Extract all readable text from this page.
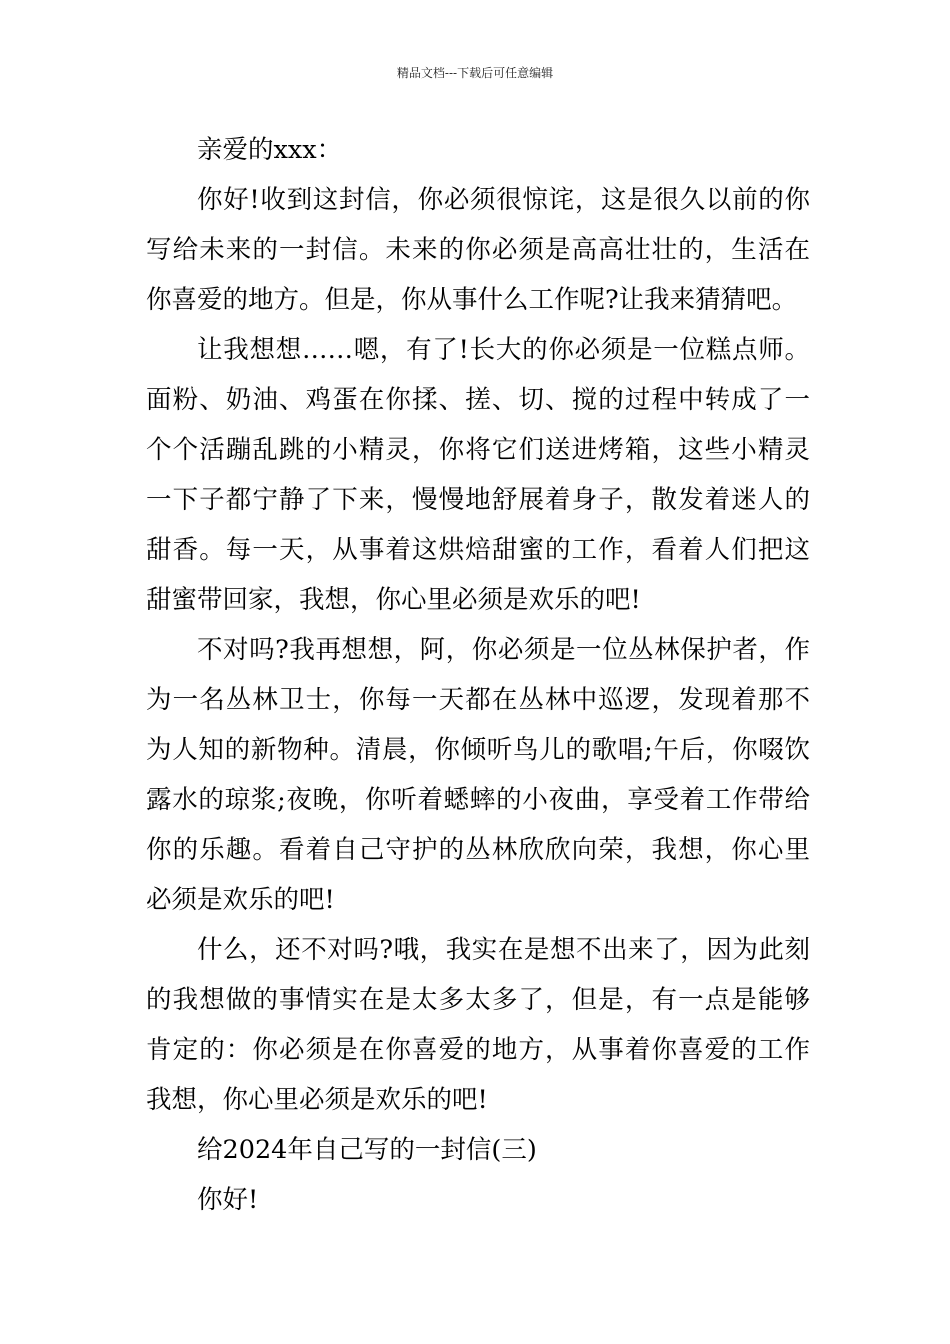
精品文档---下载后可任意编辑
亲爱的xxx：
你好!收到这封信，你必须很惊诧，这是很久以前的你
写给未来的一封信。未来的你必须是高高壮壮的，生活在
你喜爱的地方。但是，你从事什么工作呢?让我来猜猜吧。
让我想想……嗯，有了!长大的你必须是一位糕点师。
面粉、奶油、鸡蛋在你揉、搓、切、搅的过程中转成了一
个个活蹦乱跳的小精灵，你将它们送进烤箱，这些小精灵
一下子都宁静了下来，慢慢地舒展着身子，散发着迷人的
甜香。每一天，从事着这烘焙甜蜜的工作，看着人们把这
甜蜜带回家，我想，你心里必须是欢乐的吧!
不对吗?我再想想，阿，你必须是一位丛林保护者，作
为一名丛林卫士，你每一天都在丛林中巡逻，发现着那不
为人知的新物种。清晨，你倾听鸟儿的歌唱;午后，你啜饮
露水的琼浆;夜晚，你听着蟋蟀的小夜曲，享受着工作带给
你的乐趣。看着自己守护的丛林欣欣向荣，我想，你心里
必须是欢乐的吧!
什么，还不对吗?哦，我实在是想不出来了，因为此刻
的我想做的事情实在是太多太多了，但是，有一点是能够
肯定的：你必须是在你喜爱的地方，从事着你喜爱的工作
我想，你心里必须是欢乐的吧!
给2024年自己写的一封信(三)
你好!
